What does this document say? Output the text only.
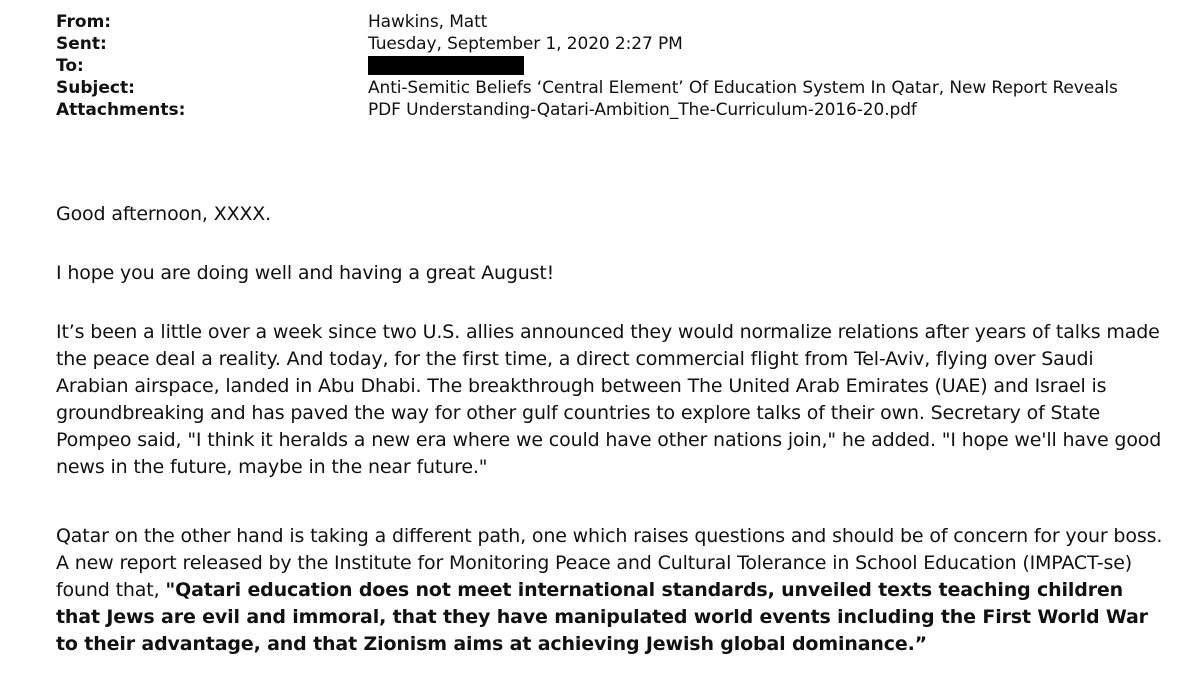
From:	Hawkins, Matt
Sent:	Tuesday, September 1, 2020 2:27 PM
To:
Subject:	Anti-Semitic Beliefs ‘Central Element’ Of Education System In Qatar, New Report Reveals
Attachments:	PDF Understanding-Qatari-Ambition_The-Curriculum-2016-20.pdf

Good afternoon, XXXX.

I hope you are doing well and having a great August!

It’s been a little over a week since two U.S. allies announced they would normalize relations after years of talks made the peace deal a reality. And today, for the first time, a direct commercial flight from Tel-Aviv, flying over Saudi Arabian airspace, landed in Abu Dhabi. The breakthrough between The United Arab Emirates (UAE) and Israel is groundbreaking and has paved the way for other gulf countries to explore talks of their own. Secretary of State Pompeo said, "I think it heralds a new era where we could have other nations join," he added. "I hope we'll have good news in the future, maybe in the near future."

Qatar on the other hand is taking a different path, one which raises questions and should be of concern for your boss. A new report released by the Institute for Monitoring Peace and Cultural Tolerance in School Education (IMPACT-se) found that, "Qatari education does not meet international standards, unveiled texts teaching children that Jews are evil and immoral, that they have manipulated world events including the First World War to their advantage, and that Zionism aims at achieving Jewish global dominance.”
